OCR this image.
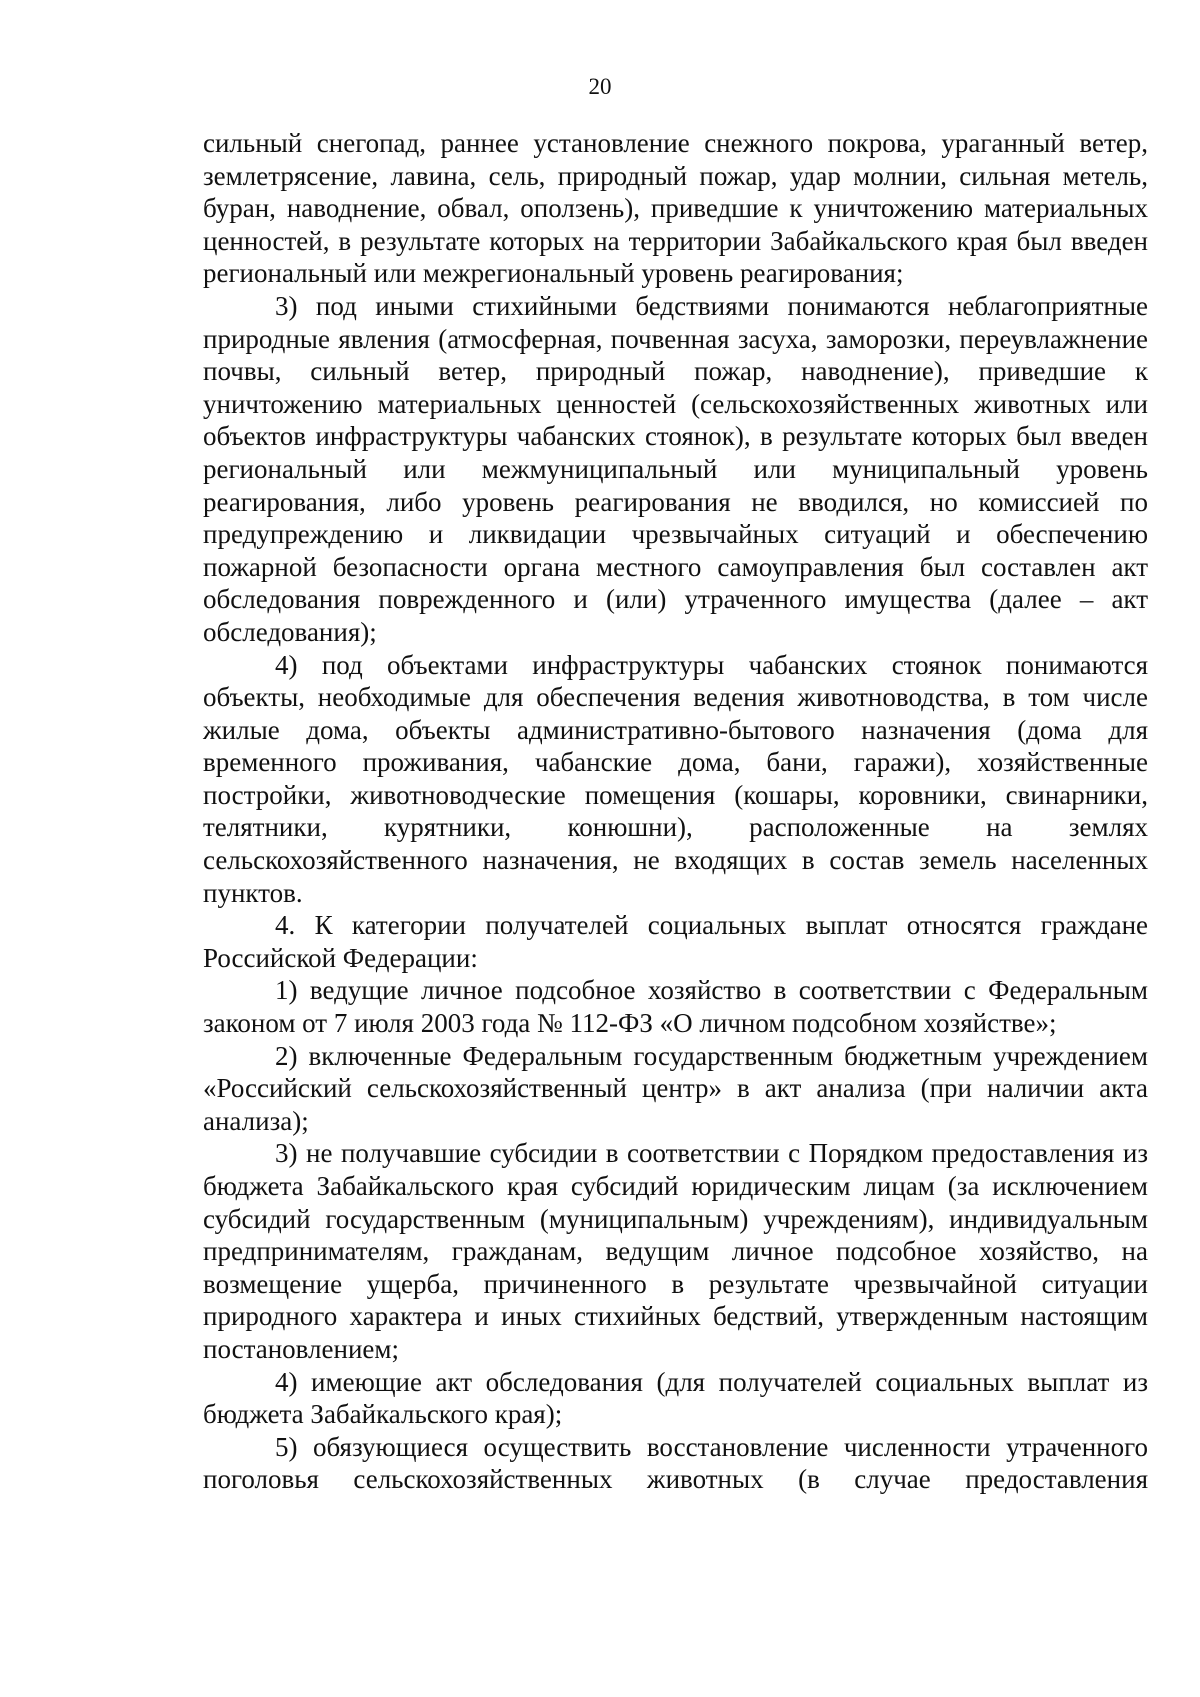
20

сильный снегопад, раннее установление снежного покрова, ураганный ветер, землетрясение, лавина, сель, природный пожар, удар молнии, сильная метель, буран, наводнение, обвал, оползень), приведшие к уничтожению материальных ценностей, в результате которых на территории Забайкальского края был введен региональный или межрегиональный уровень реагирования;

3) под иными стихийными бедствиями понимаются неблагоприятные природные явления (атмосферная, почвенная засуха, заморозки, переувлажнение почвы, сильный ветер, природный пожар, наводнение), приведшие к уничтожению материальных ценностей (сельскохозяйственных животных или объектов инфраструктуры чабанских стоянок), в результате которых был введен региональный или межмуниципальный или муниципальный уровень реагирования, либо уровень реагирования не вводился, но комиссией по предупреждению и ликвидации чрезвычайных ситуаций и обеспечению пожарной безопасности органа местного самоуправления был составлен акт обследования поврежденного и (или) утраченного имущества (далее – акт обследования);

4) под объектами инфраструктуры чабанских стоянок понимаются объекты, необходимые для обеспечения ведения животноводства, в том числе жилые дома, объекты административно-бытового назначения (дома для временного проживания, чабанские дома, бани, гаражи), хозяйственные постройки, животноводческие помещения (кошары, коровники, свинарники, телятники, курятники, конюшни), расположенные на землях сельскохозяйственного назначения, не входящих в состав земель населенных пунктов.

4. К категории получателей социальных выплат относятся граждане Российской Федерации:

1) ведущие личное подсобное хозяйство в соответствии с Федеральным законом от 7 июля 2003 года № 112-ФЗ «О личном подсобном хозяйстве»;

2) включенные Федеральным государственным бюджетным учреждением «Российский сельскохозяйственный центр» в акт анализа (при наличии акта анализа);

3) не получавшие субсидии в соответствии с Порядком предоставления из бюджета Забайкальского края субсидий юридическим лицам (за исключением субсидий государственным (муниципальным) учреждениям), индивидуальным предпринимателям, гражданам, ведущим личное подсобное хозяйство, на возмещение ущерба, причиненного в результате чрезвычайной ситуации природного характера и иных стихийных бедствий, утвержденным настоящим постановлением;

4) имеющие акт обследования (для получателей социальных выплат из бюджета Забайкальского края);

5) обязующиеся осуществить восстановление численности утраченного поголовья сельскохозяйственных животных (в случае предоставления
